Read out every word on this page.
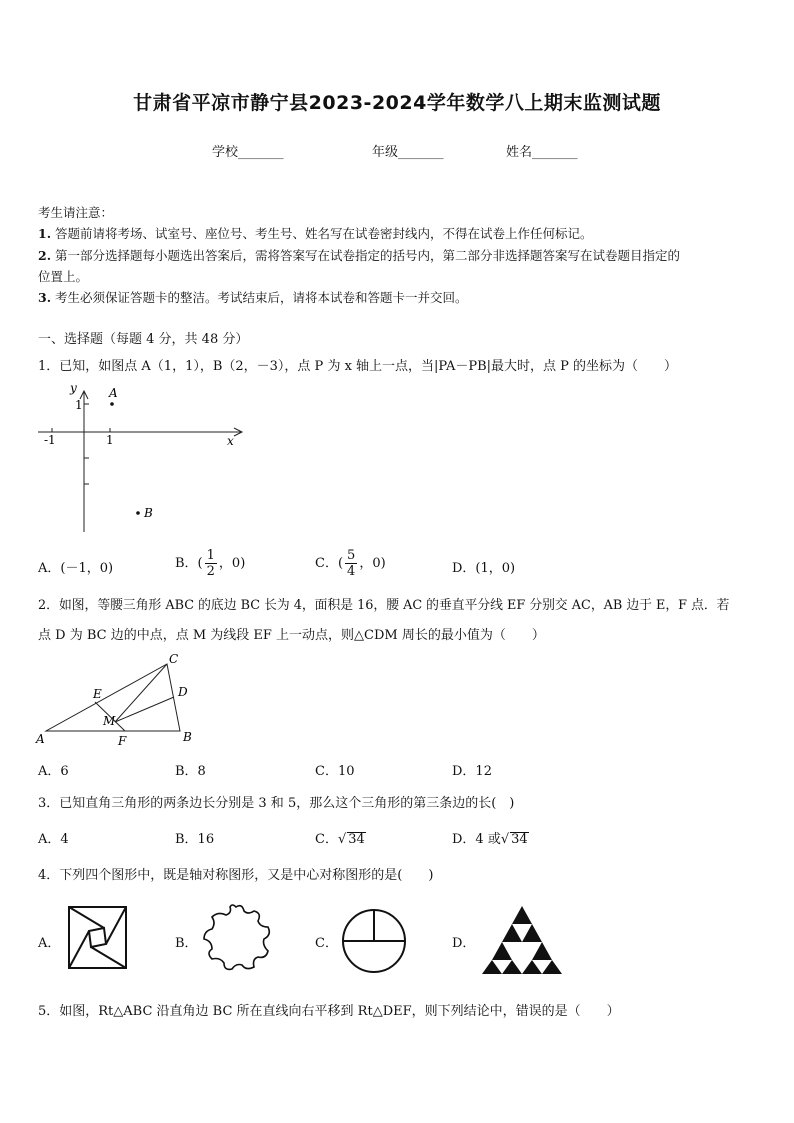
甘肃省平凉市静宁县2023-2024学年数学八上期末监测试题
学校_______	年级_______	姓名_______
考生请注意：
1. 答题前请将考场、试室号、座位号、考生号、姓名写在试卷密封线内，不得在试卷上作任何标记。
2. 第一部分选择题每小题选出答案后，需将答案写在试卷指定的括号内，第二部分非选择题答案写在试卷题目指定的
位置上。
3. 考生必须保证答题卡的整洁。考试结束后，请将本试卷和答题卡一并交回。
一、选择题（每题 4 分，共 48 分）
1．已知，如图点 A（1，1），B（2，－3），点 P 为 x 轴上一点，当|PA－PB|最大时，点 P 的坐标为（　　）
y
1
A
-1	1	x
B
A．(－1，0)	B．( $\frac{1}{2}$ ，0)	C．( $\frac{5}{4}$ ，0)	D．(1，0)
2．如图，等腰三角形 ABC 的底边 BC 长为 4，面积是 16，腰 AC 的垂直平分线 EF 分别交 AC，AB 边于 E，F 点．若
点 D 为 BC 边的中点，点 M 为线段 EF 上一动点，则△CDM 周长的最小值为（　　）
C
E	D
M
A	F	B
A．6	B．8	C．10	D．12
3．已知直角三角形的两条边长分别是 3 和 5，那么这个三角形的第三条边的长(　)
A．4	B．16	C．√ 34	D．4 或√ 34
4．下列四个图形中，既是轴对称图形，又是中心对称图形的是(　　)
A．	B．	C．	D．
5．如图，Rt△ABC 沿直角边 BC 所在直线向右平移到 Rt△DEF，则下列结论中，错误的是（　　）
